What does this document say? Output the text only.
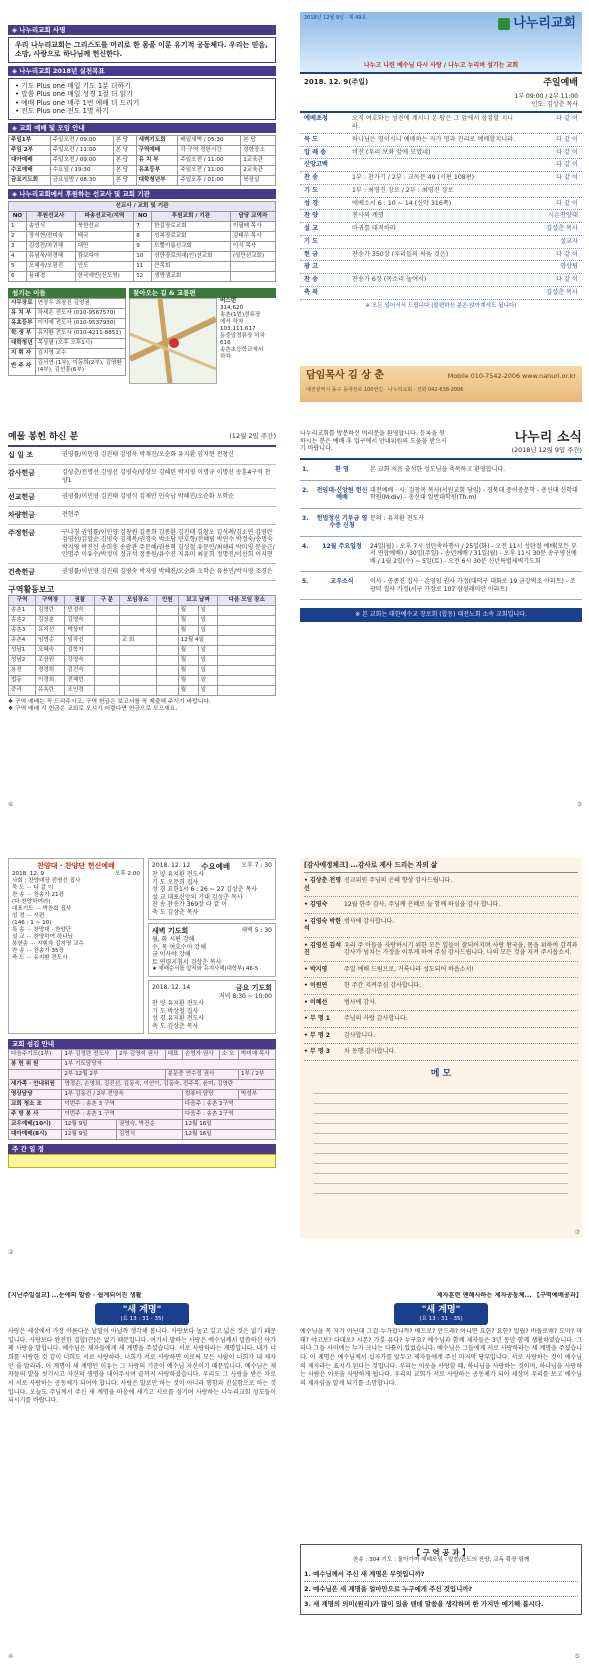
◈ 나누리교회 사명
우리 나누리교회는 그리스도를 머리로 한 몸을 이룬 유기적 공동체다. 우리는 믿음, 소망, 사랑으로 하나님께 헌신한다.
◈ 나누리교회 2018년 실천목표
• 기도 Plus one 매일 기도 1분 더하기
• 말씀 Plus one 매일 성경 1절 더 읽기
• 예배 Plus one 매주 1번 예배 더 드리기
• 전도 Plus one 전도 1명 하기
◈ 교회 예배 및 모임 안내
주일1부	주일오전 / 09:00	본 당	새벽기도회	매일새벽 / 05:30	본 당
주일 2부	주일오전 / 11:00	본 당	구역예배	각 구역 정한시간	정한장소
대아예배	주일오전 / 09:00	본 당	유 치 부	주일오전 / 11:00	1교육관
수요예배	수요일 / 19:30	본 당	유초등부	주일오전 / 11:00	2교육관
금요기도회	금요일밤 / 08:30	본 당	대학청년부	주일오후 / 01:00	북장실
◈ 나누리교회에서 후원하는 선교사 및 교회 기관
선교사 / 교회 및 기관					
NO	후원선교사	파송선교국/지역	NO	후원교회 / 기관	담당 교역자
1	송연식	북한선교	7	한길장로교회	이필배 목사
2	장석현/전미숙	태국	8	성복장로교회	김태우 목사
3	김성진/차귀혜	대만	9	모뿔이룸선교회	이식 목사
4	유념욱/하경혜	캄보디아	10	성만장로의대(인)선교회	(성만선교회)
5	오혜숙/오광진	인도	11	큰목회	
6	용대경	한국예빈(신도영)	12	생명샘교회	
섬기는 이들
시무장로	연장우 최장진 김영권
유 치 부	하세은 전도사 (010-9567570)
유초등부	이지예 전도사 (010-9537930)
학 생 부	유지환 전도사 (010-4211-8851)
대학청년	목상필 (오후 오후1시)
지 휘 자	김지영 교수
반 주 자	김서연 (1부), 이동희(2부), 김영환(4부), 김선흥(6부)
찾아오는 길 & 교통편
버스번
314,620
송촌(1번)정류장
에서 하차
103,111,617
동중앙정류장 하차
616
송촌초등학교에서
하차
2018년 12월 9일 · 제 49호	나누리교회
나누고 나린 예수님 다시 사랑 / 나누고 누리며 섬기는 교회
2018. 12. 9(주일)	주일예배
1부 09:00 / 2부 11:00
인도: 김상춘 목사
예배초청	오직 여호와는 성전에 계시니 온 땅은 그 앞에서 잠잠할 지니라.
다 같 이
묵 도	하나님은 영이시니 예배하는 자가 영과 진리로 예배할지니라.	다 같 이
입 례 송	비전 (우리 보좌 앞에 모였네)	다 같 이
신앙고백	다 같 이
찬 송	1부 : 찬가기 / 2부 : 교독문 49 (시편 108편)	다 같 이
기 도	1부 : 최영진 장로 / 2부 : 최영진 장로
성 경	에베소서 6 : 10 ~ 14 (신약 316쪽)	다 같 이
찬 양	천사의 계명	시온찬양대
설 교	마귀를 대적하라	김상춘 목사
기 도	설교자
헌 금	찬송가 350장 (우리들의 싸움 것은)	다 같 이
광 고	영상팀
찬 송	찬송가 6장 (목소리 높여서)	다 같 이
축 복	김상춘 목사
※ 모든 일어서서 드립니다 (불편하신 분은 앉아계셔도 됩니다)
담임목사 김 상 춘	Mobile 010-7542-2006 www.nanuri.or.kr
대전광역시 동구 동대전로 100번길 · 나누리교회 · 전화 042-638-2006
예물 봉헌 하신 분	(12월 2일 주간)
십 일 조	권영률/이민영 김진태 김영욱 박재진/오순화 유지환 임지현 전창신
감사헌금	김상춘/전명선 김영선 김영숙/양상모 김혜련 박지영 이명규 이명선 송훈4구역 찬양1
선교헌금	권영률/이민영 김진태 김영식 김재안 민숙남 박혜진/오순화 오학순
차량헌금	전현주
주정헌금	구나경 권영률/이민영 김창원 김종희 김종환 김진태 김창오 김석례/김소연 김영란 김영선/김말순 김영숙 김재복/권경숙 박소담 민호향/전혜림 박연수 박정숙/송명숙 박지영 박진신 송희충 송광관 주문혜/권용혁 김성철 유문민/최해리 박미영 문윤근/안명주 이유수/박정미 정규석 정종원/유수진 지유미 최윤희 정명진/이선희 이지현
건축헌금	권영률/이민영 김진태 김영숙 박지영 박혜진/오순화 오학순 유용민/박지영 조경은
구역활동보고
구역	구역장	권찰	구 분	모임장소	인원	보고 날짜		다음 모임 장소
송촌1	김영란	민정숙				월	일	
송촌2	김상춘	김영숙				월	일	
송촌3	유지선	박상미				월	일	
송촌4	임명순	임차선		교 회		12월 4일		
성남1	오혜숙	김학자				월	일	
성남2	조상원	강영숙				월	일	
용전	정경희	김진숙				월	일	
법동	이경희	전혜민				월	일	
중리	유옥란	조인경				월	일	
❖ 구역 예배는 꼭 드리주시고, 구역 헌금은 보고서를 꼭 제출해 주시기 바랍니다.
❖ 구역 예배 시 헌금은 교회로 오시기 어렵다면 헌금으로 모으세요.
⑥
나누리교회를 방문하신 여러분을 환영합니다. 등록을 원하시는 분은 예배 후 입구에서 안내위원의 도움을 받으시기 바랍니다.
나누리 소식
(2018년 12월 9일 주간)
1.	환 영	본 교회 처음 출석한 성도님을 축복하고 환영합니다.
2.	전임대·신앙원 헌신예배
대전예배 · 시: 김창복 목사(서원교회 담임) - 경북대 중어중문학 - 총신대 신학대학원(M.div) - 총신대 일반대학원(Th.m)
3.	헌법정신 기부금 영수증 신청
문의 : 유지환 전도사
4.	12월 주요일정	24일(월) - 오후 7시 성탄축하행사 / 25일(화) - 오전 11시 성탄절 예배(모든 부서 연합예배) / 30일(주일) - 송년예배 / 31일(월) - 오후 11시 30분 송구영신예배 / 1월 2일(수) ~ 5일(토) - 오전 6시 30분 신년특별새벽기도회
5.	교우소식	이사 - 공종진 집사 · 손영임 권사 가정(대덕구 대화로 19 금강벽조 아파트) - 조광덕 집사 가정(서구 가장로 107 삼성래미안 아파트)
※ 본 교회는 대한예수교 장로회 (합동) 대전노회 소속 교회입니다.
③
찬양대 · 찬양단 헌신예배
2018. 12. 9	오후 2:00
사회 : 찬양대장 전명선 집사
묵 도 ··· 다 같 이
찬 송 ··· 찬송가 21장
(다 찬양하여라)
대표기도 ··· 박찬회 집사
성 경 ··· 시편
(146 : 1 ~ 10)
특 송 ··· 찬양대 · 찬양단
설 교 ··· 찬양하여 하나님
봉헌송 ··· 지휘자 김지영 교수
찬 송 ··· 찬송가 35장
축 도 ··· 유지환 전도사
2018. 12. 12 수요예배 오후 7 : 30
찬 양 유지환 전도사
기 도 오문희 집사
성 경 요한1서 6 : 26 ~ 27 김상춘 목사
설 교 대포신앙의 기대 김상춘 목사
찬 송 찬송가 369장 다 같 이
축 도 김상춘 목사
새벽 기도회	새벽 5 : 30
월, 화 시편 강해
수, 목 여호수아 강해
금 이사야 강해
토 연령지침서 김상춘 목사
★ 예배순서를 앞서와 유지사해(대학부) 46-5
2018. 12. 14	금요 기도회
저녁 8:30 ~ 10:00
찬 양 유지환 전도사
기 도 박상철 집사
성 경 유지환 전도사
축 도 김상춘 목사
교회 섬김 안내
다음주기도(1부)	1부 김정란 전도사	2부 김영석 권사	대표	손영자 권사	소 오	박미애 목사
봉 헌 위 원	1부 기도담당자					
	2부 12월 2부		분문중 연수정 권사			1부 / 2부
새가족 · 안내위원	명정순, 손영희, 김진선, 김동숙, 이연이, 김동숙, 전주목, 윤미, 김영란					
영상담당	1부 김동건 / 2부 전영욱			컴퓨터 담당		박성부
교회 청소 조	이번주 : 송촌 3 구역			다음주 : 송촌 2구역		
주 방 봉 사	이번주 : 송촌 1 구역			다음주 : 송촌 2구역		
교우예배(10시)	12월 9일	권영숙, 박진순		12월 16일		
대아예배(8시)	12월 9일	김영식		12월 16일		
주 간 일 정
②
[감사예정체크] ...감사로 제사 드리는 자의 삶
• 김상춘 전명선
선교위원 주님의 은혜 향상 감사드립니다.
• 김영숙	12월 한주 감사, 주님께 은혜로 늘 함께 하심을 감사 합니다.
• 김영숙 박한석
범사에 감사합니다.
• 김영선 김석진
우리 주 아들을 사랑하시기 위한 모든 일들이 잘되어지며 사랑 왕국을, 몸을 위하여 감격과 감사가 넘치는 가정을 이루게 하여 주심 감사드립니다. 나의 모든 것을 지켜 주시옵소서.
• 박지영	주일 예배 드림으로, 거룩나라 성도되어 하옵소서!
• 이원연	한 주간 지켜주심 감사합니다.
• 이혜선	범사에 감사.
• 무 명 1	주님의 사랑 감사합니다.
• 무 명 2	감사합니다.
• 무 명 3	차 동행 감사합니다.
메 모
⑦
[지난주일설교] ...눈에의 말씀 · 쉽게되어진 생활
"새 계명"
(요 13 : 31 - 35)
사랑은 세상에서 가장 아름다운 낱말이 아닐까 생각해 봅니다. 사랑보다 높고 깊고 넓은 것은 없기 때문입니다. 사랑보다 완전한 결합(끈)은 없기 때문입니다. 여기서 말하는 사랑은 예수님께서 말씀하신 아가페 사랑을 말합니다. 예수님은 제자들에게 새 계명을 주셨습니다. 서로 사랑하라는 계명입니다. 내가 너희를 사랑한 것 같이 너희도 서로 사랑하라. 너희가 서로 사랑하면 이로써 모든 사람이 너희가 내 제자인 줄 알리라. 이 계명이 새 계명인 이유는 그 사랑의 기준이 예수님 자신이기 때문입니다. 예수님은 제자들의 발을 씻기시고 자신의 생명을 내어주시며 끝까지 사랑하셨습니다. 우리도 그 사랑을 받은 자로서 서로 사랑하는 공동체가 되어야 합니다. 사랑은 말로만 하는 것이 아니라 행함과 진실함으로 하는 것입니다. 오늘도 주님께서 주신 새 계명을 마음에 새기고 서로를 섬기며 사랑하는 나누리교회 성도들이 되시기를 바랍니다.
④
제자훈련 앤해사하는 제자공동체... 【구역예배공과】
"새 계명"
(요 13 : 31 - 35)
예수님을 꼭 자가 아닌데 그걸 누가합니까? 베드로? 안드레? 아니면 요한? 요한? 빌립? 바돌로매? 도마? 마태? 야고보? 다대오? 시몬? 가룟 유다? 누구요? 예수님과 함께 제자들은 3년 동안 함께 생활하였습니다. 그러나 그들 사이에는 누가 크냐는 다툼이 있었습니다. 예수님은 그들에게 서로 사랑하라는 새 계명을 주셨습니다. 이 계명은 예수님께서 십자가를 앞두고 제자들에게 주신 마지막 당부입니다. 서로 사랑하는 것이 예수님의 제자라는 표지가 된다는 것입니다. 우리는 이웃을 사랑할 때, 하나님을 사랑하는 것이며, 하나님을 사랑하는 사람은 이웃을 사랑하게 됩니다. 우리의 교회가 서로 사랑하는 공동체가 되어 세상이 우리를 보고 예수님의 제자임을 알게 되기를 소망합니다.
【 구 역 공 과 】
찬송 : 304 기도 : 돌아가며 예배모임 · 말씀/관도의 찬양, 교독 확장 함께
1. 예수님께서 주신 새 계명은 무엇입니까?
2. 예수님은 새 계명을 얼마만으로 누구에게 주신 것입니까?
3. 새 계명의 의미(원리)가 많이 있을 텐데 말씀을 생각하며 한 가지만 예기해 봅시다.
⑤
